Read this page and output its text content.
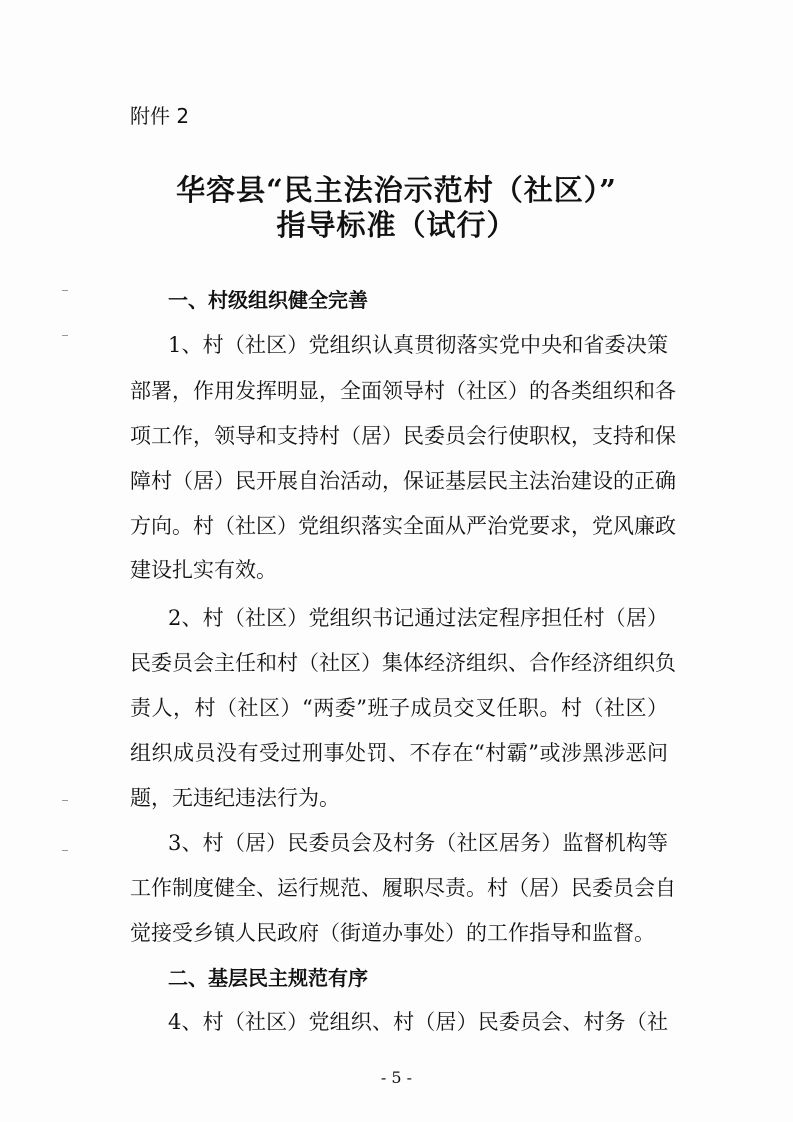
附件 2
华容县“民主法治示范村（社区）”
指导标准（试行）
一、村级组织健全完善
1、村（社区）党组织认真贯彻落实党中央和省委决策
部署，作用发挥明显，全面领导村（社区）的各类组织和各
项工作，领导和支持村（居）民委员会行使职权，支持和保
障村（居）民开展自治活动，保证基层民主法治建设的正确
方向。村（社区）党组织落实全面从严治党要求，党风廉政
建设扎实有效。
2、村（社区）党组织书记通过法定程序担任村（居）
民委员会主任和村（社区）集体经济组织、合作经济组织负
责人，村（社区）“两委”班子成员交叉任职。村（社区）
组织成员没有受过刑事处罚、不存在“村霸”或涉黑涉恶问
题，无违纪违法行为。
3、村（居）民委员会及村务（社区居务）监督机构等
工作制度健全、运行规范、履职尽责。村（居）民委员会自
觉接受乡镇人民政府（街道办事处）的工作指导和监督。
二、基层民主规范有序
4、村（社区）党组织、村（居）民委员会、村务（社
- 5 -
